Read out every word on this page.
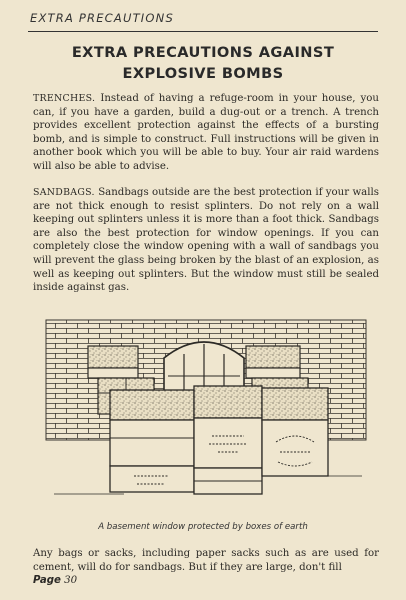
EXTRA PRECAUTIONS
EXTRA PRECAUTIONS AGAINST
EXPLOSIVE BOMBS

TRENCHES. Instead of having a refuge-room in your house, you can, if you have a garden, build a dug-out or a trench. A trench provides excellent protection against the effects of a bursting bomb, and is simple to construct. Full instructions will be given in another book which you will be able to buy. Your air raid wardens will also be able to advise.

SANDBAGS. Sandbags outside are the best protection if your walls are not thick enough to resist splinters. Do not rely on a wall keeping out splinters unless it is more than a foot thick. Sandbags are also the best protection for window openings. If you can completely close the window opening with a wall of sandbags you will prevent the glass being broken by the blast of an explosion, as well as keeping out splinters. But the window must still be sealed inside against gas.

A basement window protected by boxes of earth

Any bags or sacks, including paper sacks such as are used for cement, will do for sandbags. But if they are large, don't fill

Page 30
